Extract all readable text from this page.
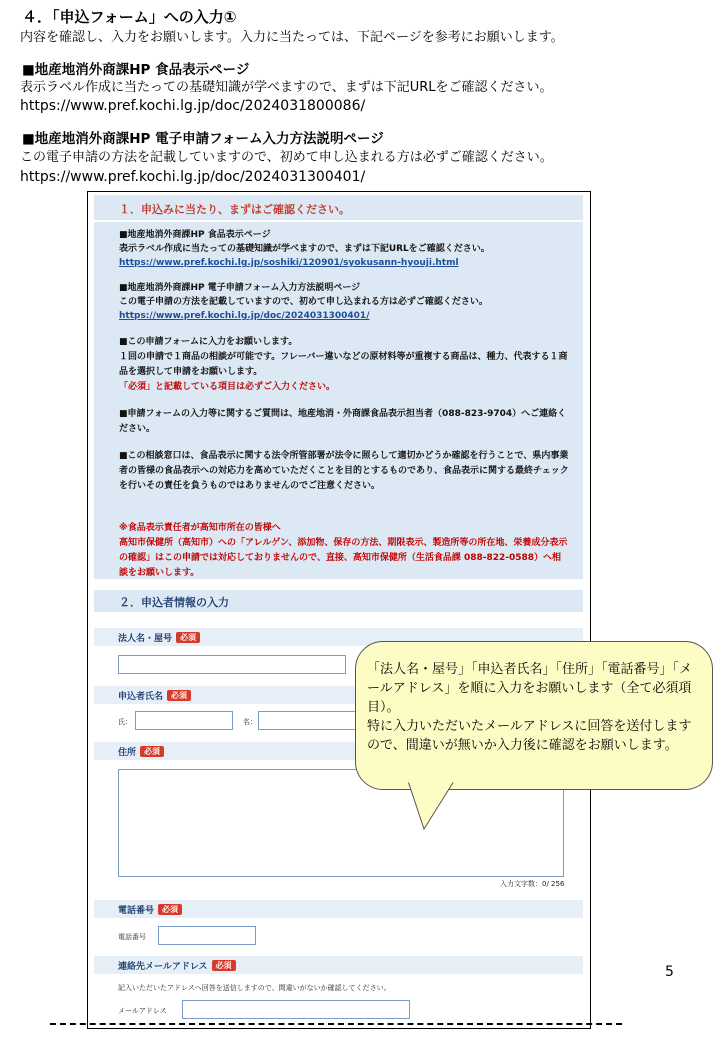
４．「申込フォーム」への入力①
内容を確認し、入力をお願いします。入力に当たっては、下記ページを参考にお願いします。
■地産地消外商課HP 食品表示ページ
表示ラベル作成に当たっての基礎知識が学べますので、まずは下記URLをご確認ください。
https://www.pref.kochi.lg.jp/doc/2024031800086/
■地産地消外商課HP 電子申請フォーム入力方法説明ページ
この電子申請の方法を記載していますので、初めて申し込まれる方は必ずご確認ください。
https://www.pref.kochi.lg.jp/doc/2024031300401/
１．申込みに当たり、まずはご確認ください。
■地産地消外商課HP 食品表示ページ
表示ラベル作成に当たっての基礎知識が学べますので、まずは下記URLをご確認ください。
https://www.pref.kochi.lg.jp/soshiki/120901/syokusann-hyouji.html
■地産地消外商課HP 電子申請フォーム入力方法説明ページ
この電子申請の方法を記載していますので、初めて申し込まれる方は必ずご確認ください。
https://www.pref.kochi.lg.jp/doc/2024031300401/
■この申請フォームに入力をお願いします。
１回の申請で１商品の相談が可能です。フレーバー違いなどの原材料等が重複する商品は、種力、代表する１商品を選択して申請をお願いします。
「必須」と記載している項目は必ずご入力ください。
■申請フォームの入力等に関するご質問は、地産地消・外商課食品表示担当者（088-823-9704）へご連絡ください。
■この相談窓口は、食品表示に関する法令所管部署が法令に照らして適切かどうか確認を行うことで、県内事業者の皆様の食品表示への対応力を高めていただくことを目的とするものであり、食品表示に関する最終チェックを行いその責任を負うものではありませんのでご注意ください。
※食品表示責任者が高知市所在の皆様へ
高知市保健所（高知市）への「アレルゲン、添加物、保存の方法、期限表示、製造所等の所在地、栄養成分表示の確認」はこの申請では対応しておりませんので、直接、高知市保健所（生活食品課 088-822-0588）へ相談をお願いします。
２．申込者情報の入力
法人名・屋号 必須
申込者氏名 必須
氏：	名：
住所 必須
入力文字数：0/ 256
電話番号 必須
電話番号
連絡先メールアドレス 必須
記入いただいたアドレスへ回答を送信しますので、間違いがないか確認してください。
メールアドレス
「法人名・屋号」「申込者氏名」「住所」「電話番号」「メールアドレス」を順に入力をお願いします（全て必須項目）。
特に入力いただいたメールアドレスに回答を送付しますので、間違いが無いか入力後に確認をお願いします。
5
